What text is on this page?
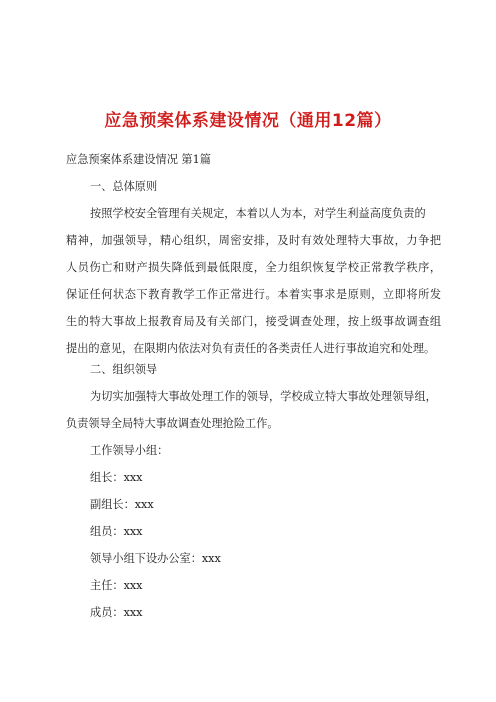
应急预案体系建设情况（通用12篇）
应急预案体系建设情况 第1篇
一、总体原则
按照学校安全管理有关规定，本着以人为本，对学生利益高度负责的
精神，加强领导，精心组织，周密安排，及时有效处理特大事故，力争把
人员伤亡和财产损失降低到最低限度，全力组织恢复学校正常教学秩序，
保证任何状态下教育教学工作正常进行。本着实事求是原则，立即将所发
生的特大事故上报教育局及有关部门，接受调查处理，按上级事故调查组
提出的意见，在限期内依法对负有责任的各类责任人进行事故追究和处理。
二、组织领导
为切实加强特大事故处理工作的领导，学校成立特大事故处理领导组，
负责领导全局特大事故调查处理抢险工作。
工作领导小组：
组长：xxx
副组长：xxx
组员：xxx
领导小组下设办公室：xxx
主任：xxx
成员：xxx
